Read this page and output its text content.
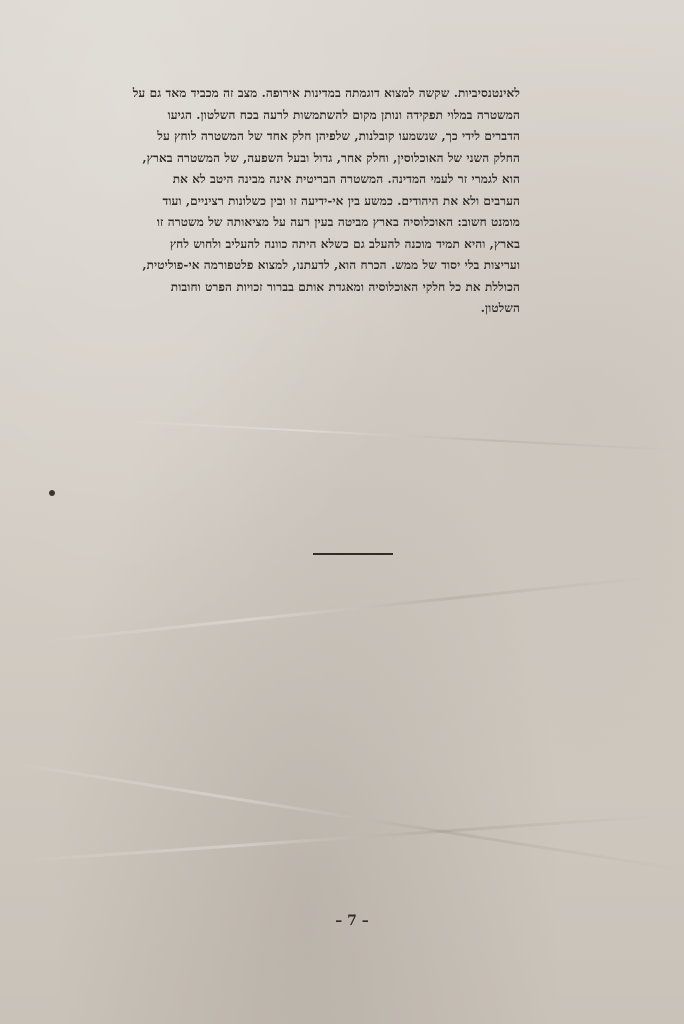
לאינטנסיביות. שקשה למצוא דוגמתה במדינות אירופה. מצב זה מכביד מאד גם על
המשטרה במלוי תפקידה ונותן מקום להשתמשות לרעה בכח השלטון. הגיעו
הדברים לידי כך, שנשמעו קובלנות, שלפיהן חלק אחד של המשטרה לוחץ על
החלק השני של האוכלוסין, וחלק אחר, גדול ובעל השפעה, של המשטרה בארץ,
הוא לגמרי זר לעמי המדינה. המשטרה הבריטית אינה מבינה היטב לא את
הערבים ולא את היהודים. כמשע בין אי-ידיעה זו ובין כשלונות רציניים, ועוד
מומנט חשוב: האוכלוסיה בארץ מביטה בעין רעה על מציאותה של משטרה זו
בארץ, והיא תמיד מוכנה להעלב גם כשלא היתה כוונה להעליב ולחוש לחץ
ועריצות בלי יסוד של ממש. הכרח הוא, לדעתנו, למצוא פלטפורמה אי-פוליטית,
הכוללת את כל חלקי האוכלוסיה ומאגדת אותם בברור זכויות הפרט וחובות
השלטון.
– 7 –
